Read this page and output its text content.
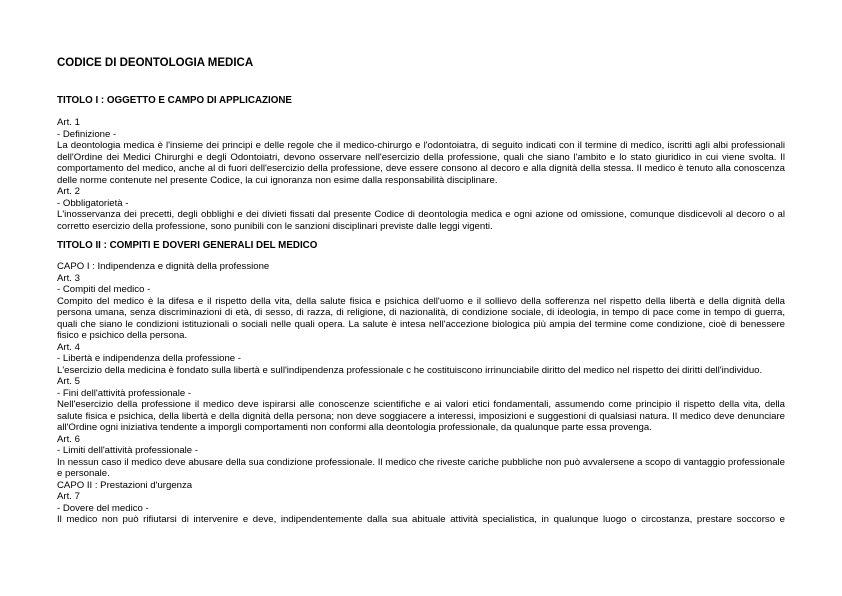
CODICE DI DEONTOLOGIA MEDICA

TITOLO I : OGGETTO E CAMPO DI APPLICAZIONE

Art. 1

- Definizione -

La deontologia medica è l'insieme dei principi e delle regole che il medico-chirurgo e l'odontoiatra, di seguito indicati con il termine di medico, iscritti agli albi professionali dell'Ordine dei Medici Chirurghi e degli Odontoiatri, devono osservare nell'esercizio della professione, quali che siano l'ambito e lo stato giuridico in cui viene svolta. Il comportamento del medico, anche al di fuori dell'esercizio della professione, deve essere consono al decoro e alla dignità della stessa. Il medico è tenuto alla conoscenza delle norme contenute nel presente Codice, la cui ignoranza non esime dalla responsabilità disciplinare.

Art. 2

- Obbligatorietà -

L'inosservanza dei precetti, degli obblighi e dei divieti fissati dal presente Codice di deontologia medica e ogni azione od omissione, comunque disdicevoli al decoro o al corretto esercizio della professione, sono punibili con le sanzioni disciplinari previste dalle leggi vigenti.

TITOLO II : COMPITI E DOVERI GENERALI DEL MEDICO

CAPO I : Indipendenza e dignità della professione

Art. 3

- Compiti del medico -

Compito del medico è la difesa e il rispetto della vita, della salute fisica e psichica dell'uomo e il sollievo della sofferenza nel rispetto della libertà e della dignità della persona umana, senza discriminazioni di età, di sesso, di razza, di religione, di nazionalità, di condizione sociale, di ideologia, in tempo di pace come in tempo di guerra, quali che siano le condizioni istituzionali o sociali nelle quali opera. La salute è intesa nell'accezione biologica più ampia del termine come condizione, cioè di benessere fisico e psichico della persona.

Art. 4

- Libertà e indipendenza della professione -

L'esercizio della medicina è fondato sulla libertà e sull'indipendenza professionale c he costituiscono irrinunciabile diritto del medico nel rispetto dei diritti dell'individuo.

Art. 5

- Fini dell'attività professionale -

Nell'esercizio della professione il medico deve ispirarsi alle conoscenze scientifiche e ai valori etici fondamentali, assumendo come principio il rispetto della vita, della salute fisica e psichica, della libertà e della dignità della persona; non deve soggiacere a interessi, imposizioni e suggestioni di qualsiasi natura. Il medico deve denunciare all'Ordine ogni iniziativa tendente a imporgli comportamenti non conformi alla deontologia professionale, da qualunque parte essa provenga.

Art. 6

- Limiti dell'attività professionale -

In nessun caso il medico deve abusare della sua condizione professionale. Il medico che riveste cariche pubbliche non può avvalersene a scopo di vantaggio professionale e personale.

CAPO II : Prestazioni d'urgenza

Art. 7

- Dovere del medico -

Il medico non può rifiutarsi di intervenire e deve, indipendentemente dalla sua abituale attività specialistica, in qualunque luogo o circostanza, prestare soccorso e
